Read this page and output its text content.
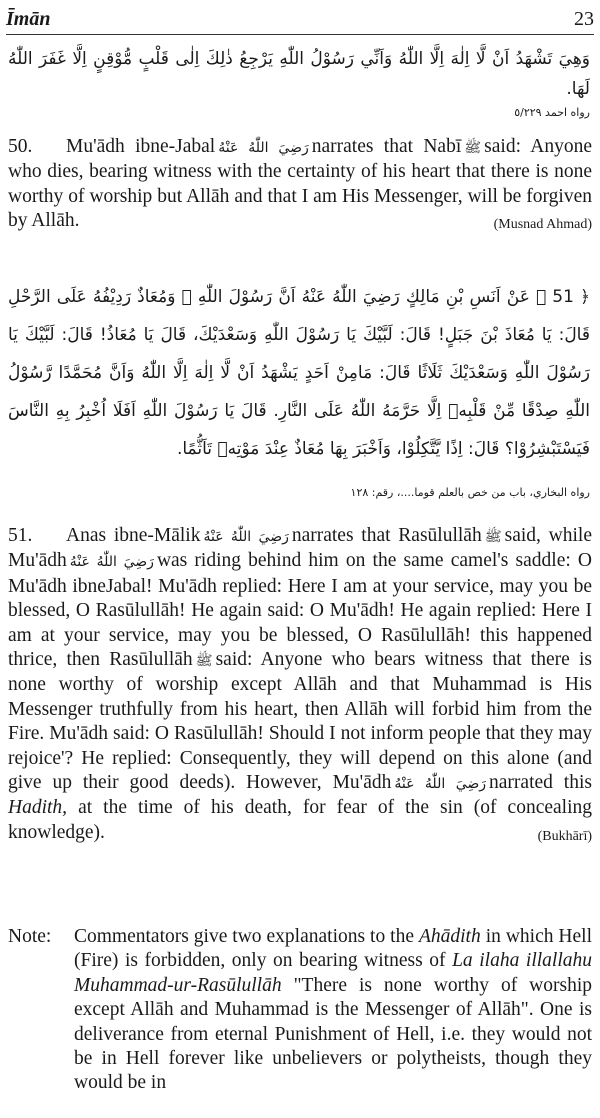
Īmān	23
وَهِيَ تَشْهَدُ اَنْ لَّا اِلٰهَ اِلَّا اللّٰهُ وَاَنِّي رَسُوْلُ اللّٰهِ يَرْجِعُ ذٰلِكَ اِلٰى قَلْبٍ مُّوْقِنٍ اِلَّا غَفَرَ اللّٰهُ لَهَا.
رواه احمد ٥/٢٢٩
50. Mu'ādh ibne-Jabal رَضِيَ اللّٰهُ عَنْهُ narrates that Nabī ﷺ said: Anyone who dies, bearing witness with the certainty of his heart that there is none worthy of worship but Allāh and that I am His Messenger, will be forgiven by Allāh.	(Musnad Ahmad)
﴿ 51 ﴾ عَنْ اَنَسِ بْنِ مَالِكٍ رَضِيَ اللّٰهُ عَنْهُ اَنَّ رَسُوْلَ اللّٰهِ ﷺ وَمُعَاذٌ رَدِيْفُهُ عَلَى الرَّحْلِ قَالَ: يَا مُعَاذَ بْنَ جَبَلٍ! قَالَ: لَبَّيْكَ يَا رَسُوْلَ اللّٰهِ وَسَعْدَيْكَ، قَالَ يَا مُعَاذُ! قَالَ: لَبَّيْكَ يَا رَسُوْلَ اللّٰهِ وَسَعْدَيْكَ ثَلَاثًا قَالَ: مَامِنْ اَحَدٍ يَشْهَدُ اَنْ لَّا اِلٰهَ اِلَّا اللّٰهُ وَاَنَّ مُحَمَّدًا رَّسُوْلُ اللّٰهِ صِدْقًا مِّنْ قَلْبِهٖ اِلَّا حَرَّمَهُ اللّٰهُ عَلَى النَّارِ. قَالَ يَا رَسُوْلَ اللّٰهِ اَفَلَا اُخْبِرُ بِهِ النَّاسَ فَيَسْتَبْشِرُوْا؟ قَالَ: اِذًا يَّتَّكِلُوْا، وَاَخْبَرَ بِهَا مُعَاذٌ عِنْدَ مَوْتِهٖ تَاَثُّمًا.
رواه البخاري، باب من خص بالعلم قوما....، رقم: ١٢٨
51. Anas ibne-Mālik رَضِيَ اللّٰهُ عَنْهُ narrates that Rasūlullāh ﷺ said, while Mu'ādh رَضِيَ اللّٰهُ عَنْهُ was riding behind him on the same camel's saddle: O Mu'ādh ibneJabal! Mu'ādh replied: Here I am at your service, may you be blessed, O Rasūlullāh! He again said: O Mu'ādh! He again replied: Here I am at your service, may you be blessed, O Rasūlullāh! this happened thrice, then Rasūlullāh ﷺ said: Anyone who bears witness that there is none worthy of worship except Allāh and that Muhammad is His Messenger truthfully from his heart, then Allāh will forbid him from the Fire. Mu'ādh said: O Rasūlullāh! Should I not inform people that they may rejoice'? He replied: Consequently, they will depend on this alone (and give up their good deeds). However, Mu'ādh رَضِيَ اللّٰهُ عَنْهُ narrated this Hadith, at the time of his death, for fear of the sin (of concealing knowledge).	(Bukhārī)
Note:	Commentators give two explanations to the Ahādith in which Hell (Fire) is forbidden, only on bearing witness of La ilaha illallahu Muhammad-ur-Rasūlullāh "There is none worthy of worship except Allāh and Muhammad is the Messenger of Allāh". One is deliverance from eternal Punishment of Hell, i.e. they would not be in Hell forever like unbelievers or polytheists, though they would be in
